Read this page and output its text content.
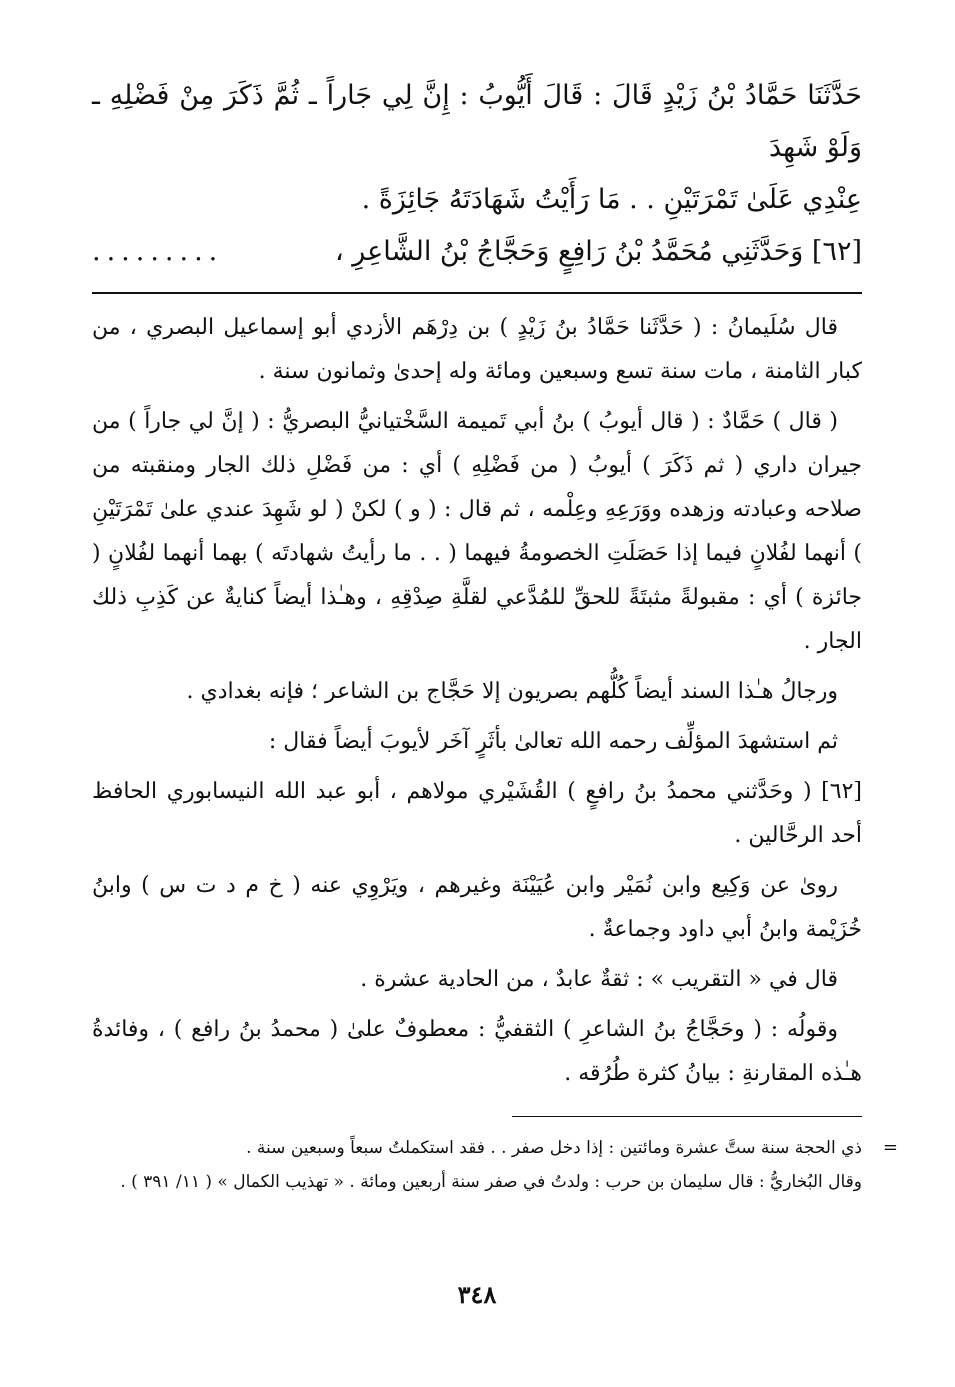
حَدَّثَنَا حَمَّادُ بْنُ زَيْدٍ قَالَ : قَالَ أَيُّوبُ : إِنَّ لِي جَاراً ـ ثُمَّ ذَكَرَ مِنْ فَضْلِهِ ـ وَلَوْ شَهِدَ
عِنْدِي عَلَىٰ تَمْرَتَيْنِ . . مَا رَأَيْتُ شَهَادَتَهُ جَائِزَةً .
[٦٢] وَحَدَّثَنِي مُحَمَّدُ بْنُ رَافِعٍ وَحَجَّاجُ بْنُ الشَّاعِرِ ،
.........

قال سُلَيمانُ : ( حَدَّثَنا حَمَّادُ بنُ زَيْدٍ ) بن دِرْهَم الأزدي أبو إسماعيل البصري ، من كبار الثامنة ، مات سنة تسع وسبعين ومائة وله إحدىٰ وثمانون سنة .

( قال ) حَمَّادٌ : ( قال أيوبُ ) بنُ أبي تَميمة السَّخْتيانيُّ البصريُّ : ( إنَّ لي جاراً ) من جيران داري ( ثم ذَكَرَ ) أيوبُ ( من فَضْلِهِ ) أي : من فَضْلِ ذلك الجار ومنقبته من صلاحه وعبادته وزهده ووَرَعِهِ وعِلْمه ، ثم قال : ( و ) لكنْ ( لو شَهِدَ عندي علىٰ تَمْرَتَيْنِ ) أنهما لفُلانٍ فيما إذا حَصَلَتِ الخصومةُ فيهما ( . . ما رأيتُ شهادتَه ) بهما أنهما لفُلانٍ ( جائزة ) أي : مقبولةً مثبتَةً للحقِّ للمُدَّعي لقلَّةِ صِدْقِهِ ، وهـٰذا أيضاً كنايةٌ عن كَذِبِ ذلك الجار .

ورجالُ هـٰذا السند أيضاً كُلُّهم بصريون إلا حَجَّاج بن الشاعر ؛ فإنه بغدادي .

ثم استشهدَ المؤلِّف رحمه الله تعالىٰ بأثَرٍ آخَر لأيوبَ أيضاً فقال :

[٦٢] ( وحَدَّثني محمدُ بنُ رافعٍ ) القُشَيْري مولاهم ، أبو عبد الله النيسابوري الحافظ أحد الرحَّالين .

روىٰ عن وَكِيع وابن نُمَيْر وابن عُيَيْنَة وغيرهم ، ويَرْوِي عنه ( خ م د ت س ) وابنُ خُزَيْمة وابنُ أبي داود وجماعةٌ .

قال في « التقريب » : ثقةٌ عابدٌ ، من الحادية عشرة .

وقولُه : ( وحَجَّاجُ بنُ الشاعرِ ) الثقفيُّ : معطوفٌ علىٰ ( محمدُ بنُ رافع ) ، وفائدةُ هـٰذه المقارنةِ : بيانُ كثرة طُرُقه .

=

ذي الحجة سنة ستَّ عشرة ومائتين : إذا دخل صفر . . فقد استكملتُ سبعاً وسبعين سنة .

وقال البُخاريُّ : قال سليمان بن حرب : ولدتُ في صفر سنة أربعين ومائة . « تهذيب الكمال » ( ١١/ ٣٩١ ) .

٣٤٨
